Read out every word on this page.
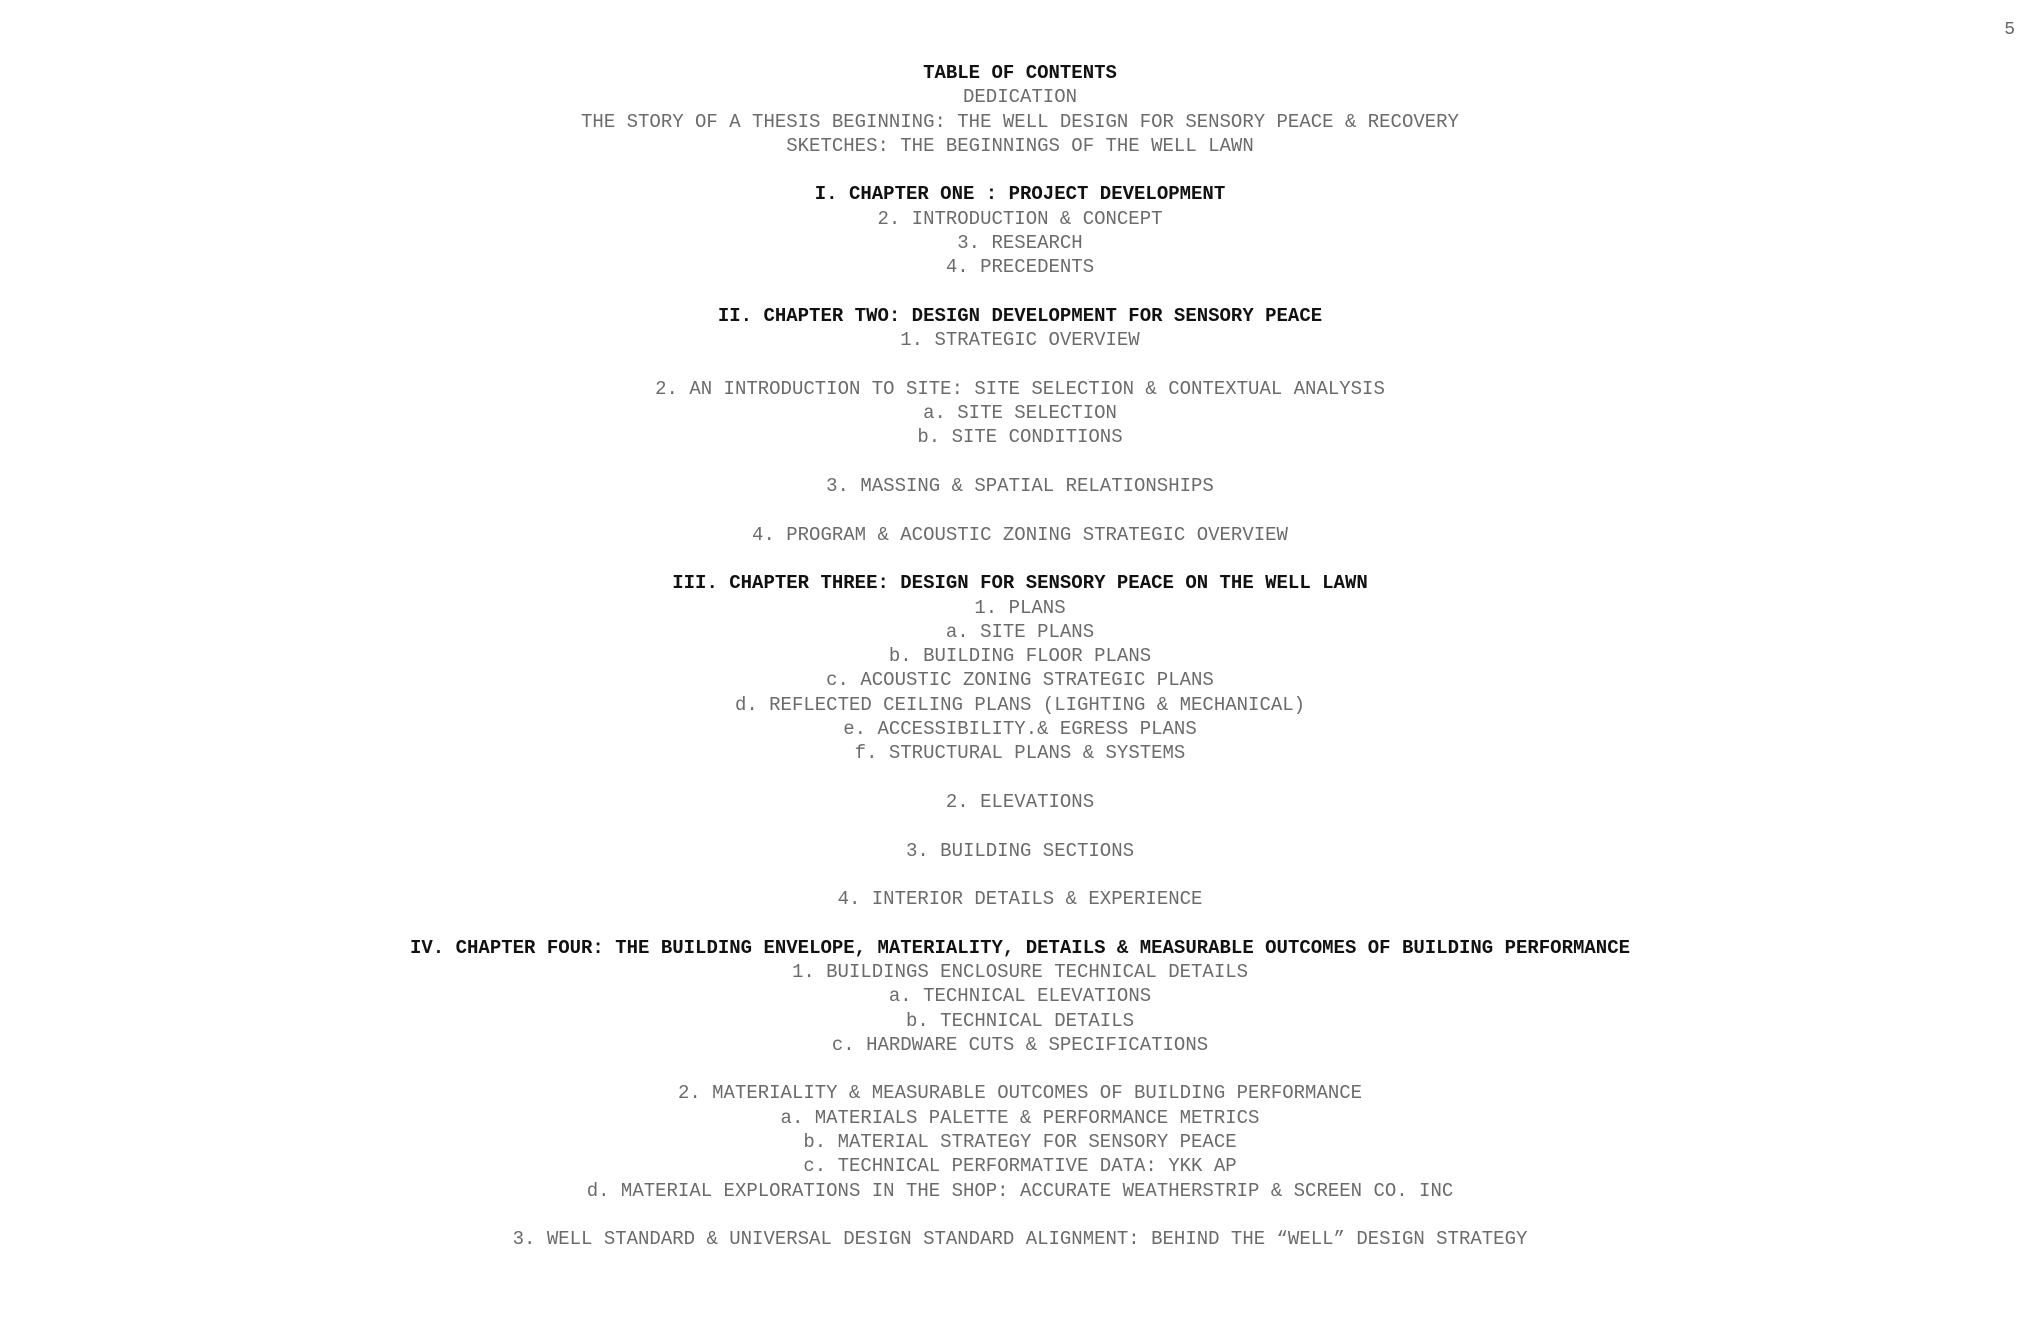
5
TABLE OF CONTENTS
DEDICATION
THE STORY OF A THESIS BEGINNING: THE WELL DESIGN FOR SENSORY PEACE & RECOVERY
SKETCHES: THE BEGINNINGS OF THE WELL LAWN
I. CHAPTER ONE : PROJECT DEVELOPMENT
2. INTRODUCTION & CONCEPT
3. RESEARCH
4. PRECEDENTS
II. CHAPTER TWO: DESIGN DEVELOPMENT FOR SENSORY PEACE
1. STRATEGIC OVERVIEW
2. AN INTRODUCTION TO SITE: SITE SELECTION & CONTEXTUAL ANALYSIS
a. SITE SELECTION
b. SITE CONDITIONS
3. MASSING & SPATIAL RELATIONSHIPS
4. PROGRAM & ACOUSTIC ZONING STRATEGIC OVERVIEW
III. CHAPTER THREE: DESIGN FOR SENSORY PEACE ON THE WELL LAWN
1. PLANS
a. SITE PLANS
b. BUILDING FLOOR PLANS
c. ACOUSTIC ZONING STRATEGIC PLANS
d. REFLECTED CEILING PLANS (LIGHTING & MECHANICAL)
e. ACCESSIBILITY.& EGRESS PLANS
f. STRUCTURAL PLANS & SYSTEMS
2. ELEVATIONS
3. BUILDING SECTIONS
4. INTERIOR DETAILS & EXPERIENCE
IV. CHAPTER FOUR: THE BUILDING ENVELOPE, MATERIALITY, DETAILS & MEASURABLE OUTCOMES OF BUILDING PERFORMANCE
1. BUILDINGS ENCLOSURE TECHNICAL DETAILS
a. TECHNICAL ELEVATIONS
b. TECHNICAL DETAILS
c. HARDWARE CUTS & SPECIFICATIONS
2. MATERIALITY & MEASURABLE OUTCOMES OF BUILDING PERFORMANCE
a. MATERIALS PALETTE & PERFORMANCE METRICS
b. MATERIAL STRATEGY FOR SENSORY PEACE
c. TECHNICAL PERFORMATIVE DATA: YKK AP
d. MATERIAL EXPLORATIONS IN THE SHOP: ACCURATE WEATHERSTRIP & SCREEN CO. INC
3. WELL STANDARD & UNIVERSAL DESIGN STANDARD ALIGNMENT: BEHIND THE “WELL” DESIGN STRATEGY
